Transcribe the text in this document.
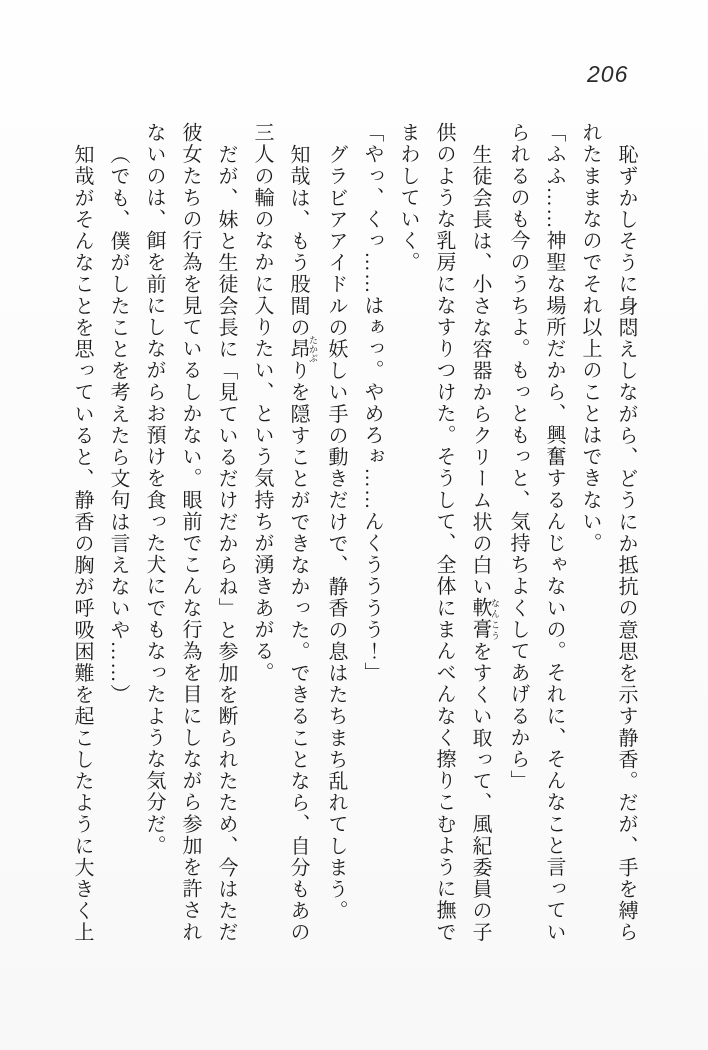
206

恥ずかしそうに身悶えしながら、どうにか抵抗の意思を示す静香。だが、手を縛ら

れたままなのでそれ以上のことはできない。

「ふふ……神聖な場所だから、興奮するんじゃないの。それに、そんなこと言ってい

られるのも今のうちよ。もっともっと、気持ちよくしてあげるから」

生徒会長は、小さな容器からクリーム状の白い軟膏 なんこうをすくい取って、風紀委員の子

供のような乳房になすりつけた。そうして、全体にまんべんなく擦りこむように撫で

まわしていく。

「やっ、くっ……はぁっ。やめろぉ……んくうううう！」

グラビアアイドルの妖しい手の動きだけで、静香の息はたちまち乱れてしまう。

知哉は、もう股間の昂 たかぶりを隠すことができなかった。できることなら、自分もあの

三人の輪のなかに入りたい、という気持ちが湧きあがる。

だが、妹と生徒会長に「見ているだけだからね」と参加を断られたため、今はただ

彼女たちの行為を見ているしかない。眼前でこんな行為を目にしながら参加を許され

ないのは、餌を前にしながらお預けを食った犬にでもなったような気分だ。

（でも、僕がしたことを考えたら文句は言えないや……）

知哉がそんなことを思っていると、静香の胸が呼吸困難を起こしたように大きく上
